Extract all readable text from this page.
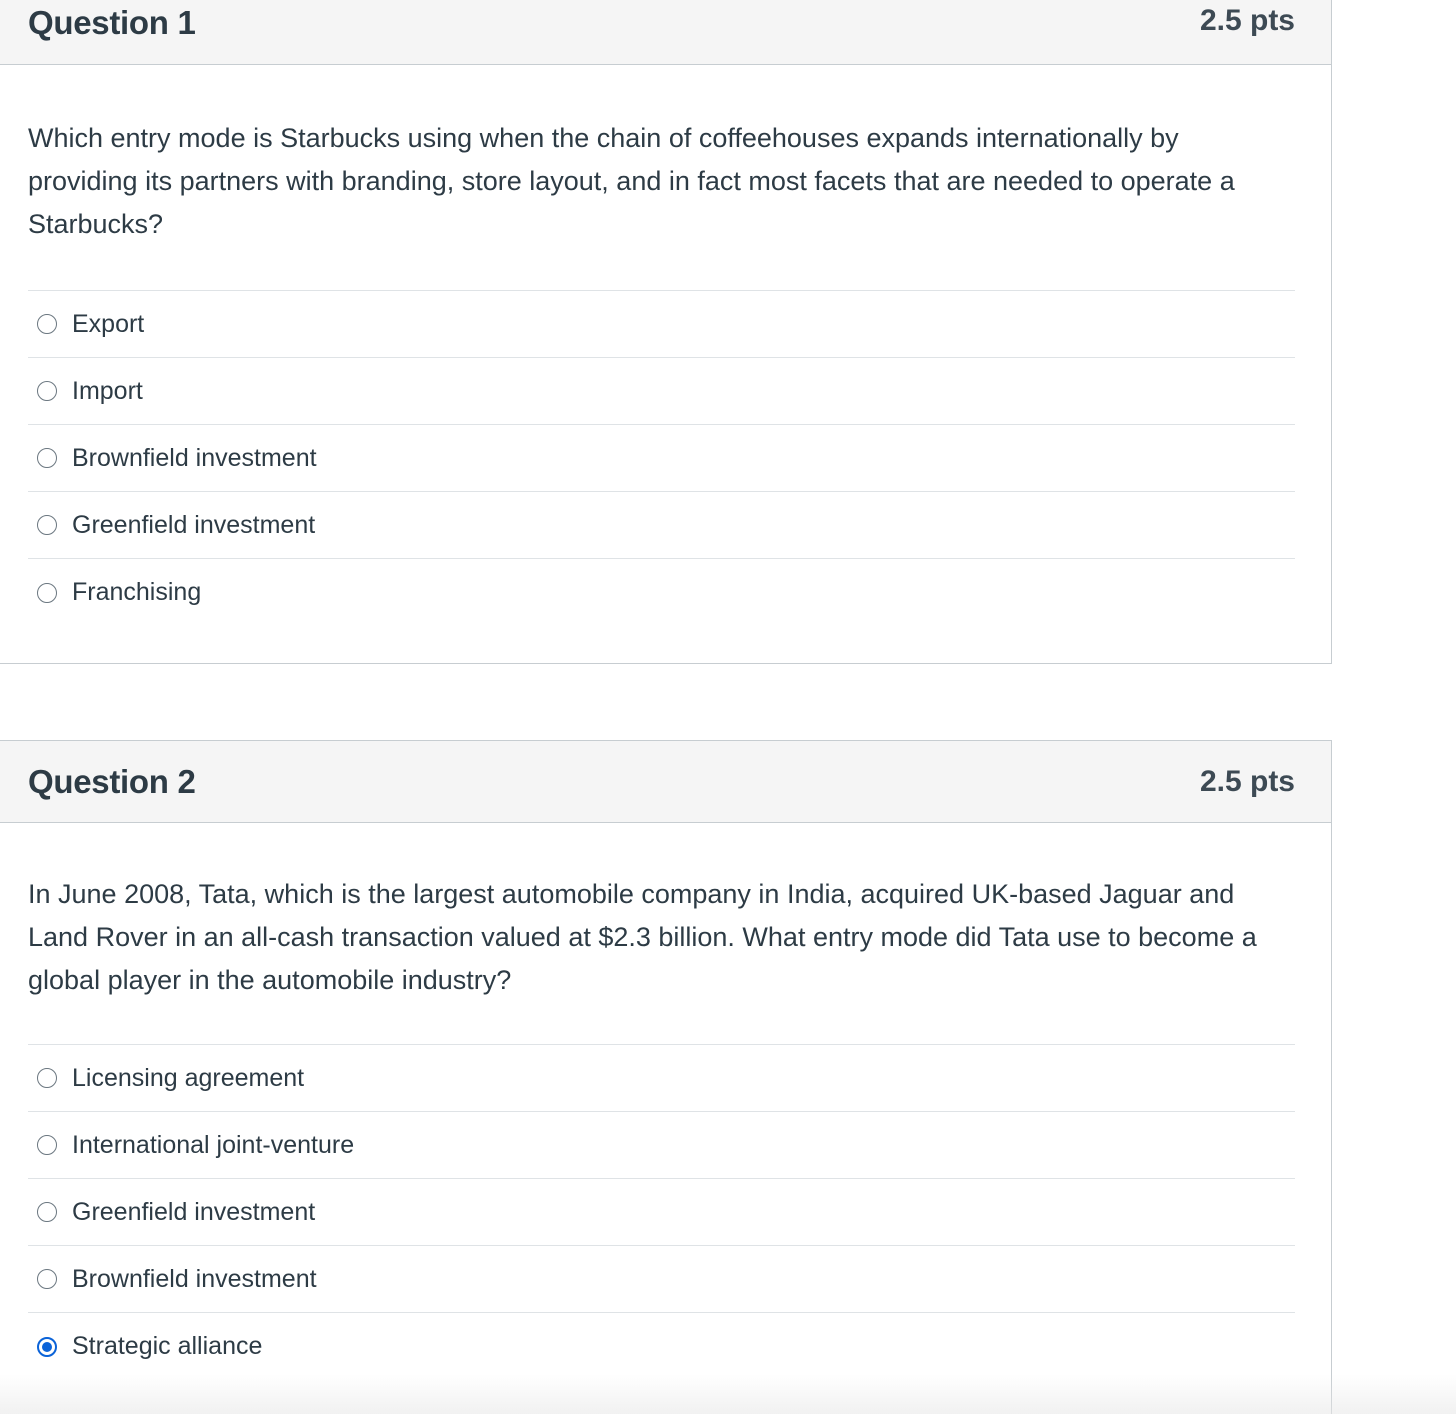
Question 1	2.5 pts

Which entry mode is Starbucks using when the chain of coffeehouses expands internationally by providing its partners with branding, store layout, and in fact most facets that are needed to operate a Starbucks?

Export
Import
Brownfield investment
Greenfield investment
Franchising
Question 2	2.5 pts

In June 2008, Tata, which is the largest automobile company in India, acquired UK-based Jaguar and Land Rover in an all-cash transaction valued at $2.3 billion. What entry mode did Tata use to become a global player in the automobile industry?

Licensing agreement
International joint-venture
Greenfield investment
Brownfield investment
Strategic alliance
